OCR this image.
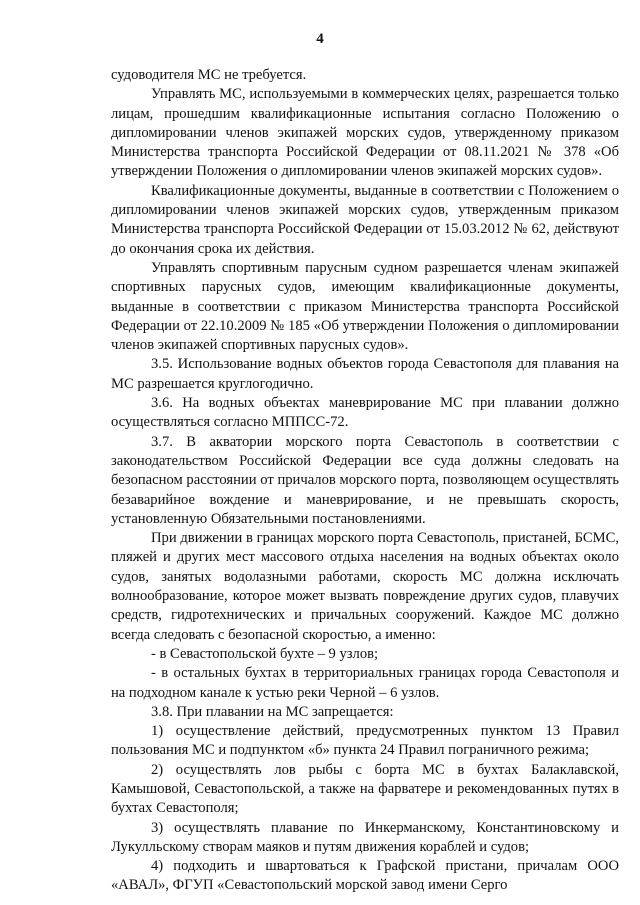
4

судоводителя МС не требуется.

Управлять МС, используемыми в коммерческих целях, разрешается только лицам, прошедшим квалификационные испытания согласно Положению о дипломировании членов экипажей морских судов, утвержденному приказом Министерства транспорта Российской Федерации от 08.11.2021 № 378 «Об утверждении Положения о дипломировании членов экипажей морских судов».

Квалификационные документы, выданные в соответствии с Положением о дипломировании членов экипажей морских судов, утвержденным приказом Министерства транспорта Российской Федерации от 15.03.2012 № 62, действуют до окончания срока их действия.

Управлять спортивным парусным судном разрешается членам экипажей спортивных парусных судов, имеющим квалификационные документы, выданные в соответствии с приказом Министерства транспорта Российской Федерации от 22.10.2009 № 185 «Об утверждении Положения о дипломировании членов экипажей спортивных парусных судов».

3.5. Использование водных объектов города Севастополя для плавания на МС разрешается круглогодично.

3.6. На водных объектах маневрирование МС при плавании должно осуществляться согласно МППСС-72.

3.7. В акватории морского порта Севастополь в соответствии с законодательством Российской Федерации все суда должны следовать на безопасном расстоянии от причалов морского порта, позволяющем осуществлять безаварийное вождение и маневрирование, и не превышать скорость, установленную Обязательными постановлениями.

При движении в границах морского порта Севастополь, пристаней, БСМС, пляжей и других мест массового отдыха населения на водных объектах около судов, занятых водолазными работами, скорость МС должна исключать волнообразование, которое может вызвать повреждение других судов, плавучих средств, гидротехнических и причальных сооружений. Каждое МС должно всегда следовать с безопасной скоростью, а именно:

- в Севастопольской бухте – 9 узлов;

- в остальных бухтах в территориальных границах города Севастополя и на подходном канале к устью реки Черной – 6 узлов.

3.8. При плавании на МС запрещается:

1) осуществление действий, предусмотренных пунктом 13 Правил пользования МС и подпунктом «б» пункта 24 Правил пограничного режима;

2) осуществлять лов рыбы с борта МС в бухтах Балаклавской, Камышовой, Севастопольской, а также на фарватере и рекомендованных путях в бухтах Севастополя;

3) осуществлять плавание по Инкерманскому, Константиновскому и Лукулльскому створам маяков и путям движения кораблей и судов;

4) подходить и швартоваться к Графской пристани, причалам ООО «АВАЛ», ФГУП «Севастопольский морской завод имени Серго
